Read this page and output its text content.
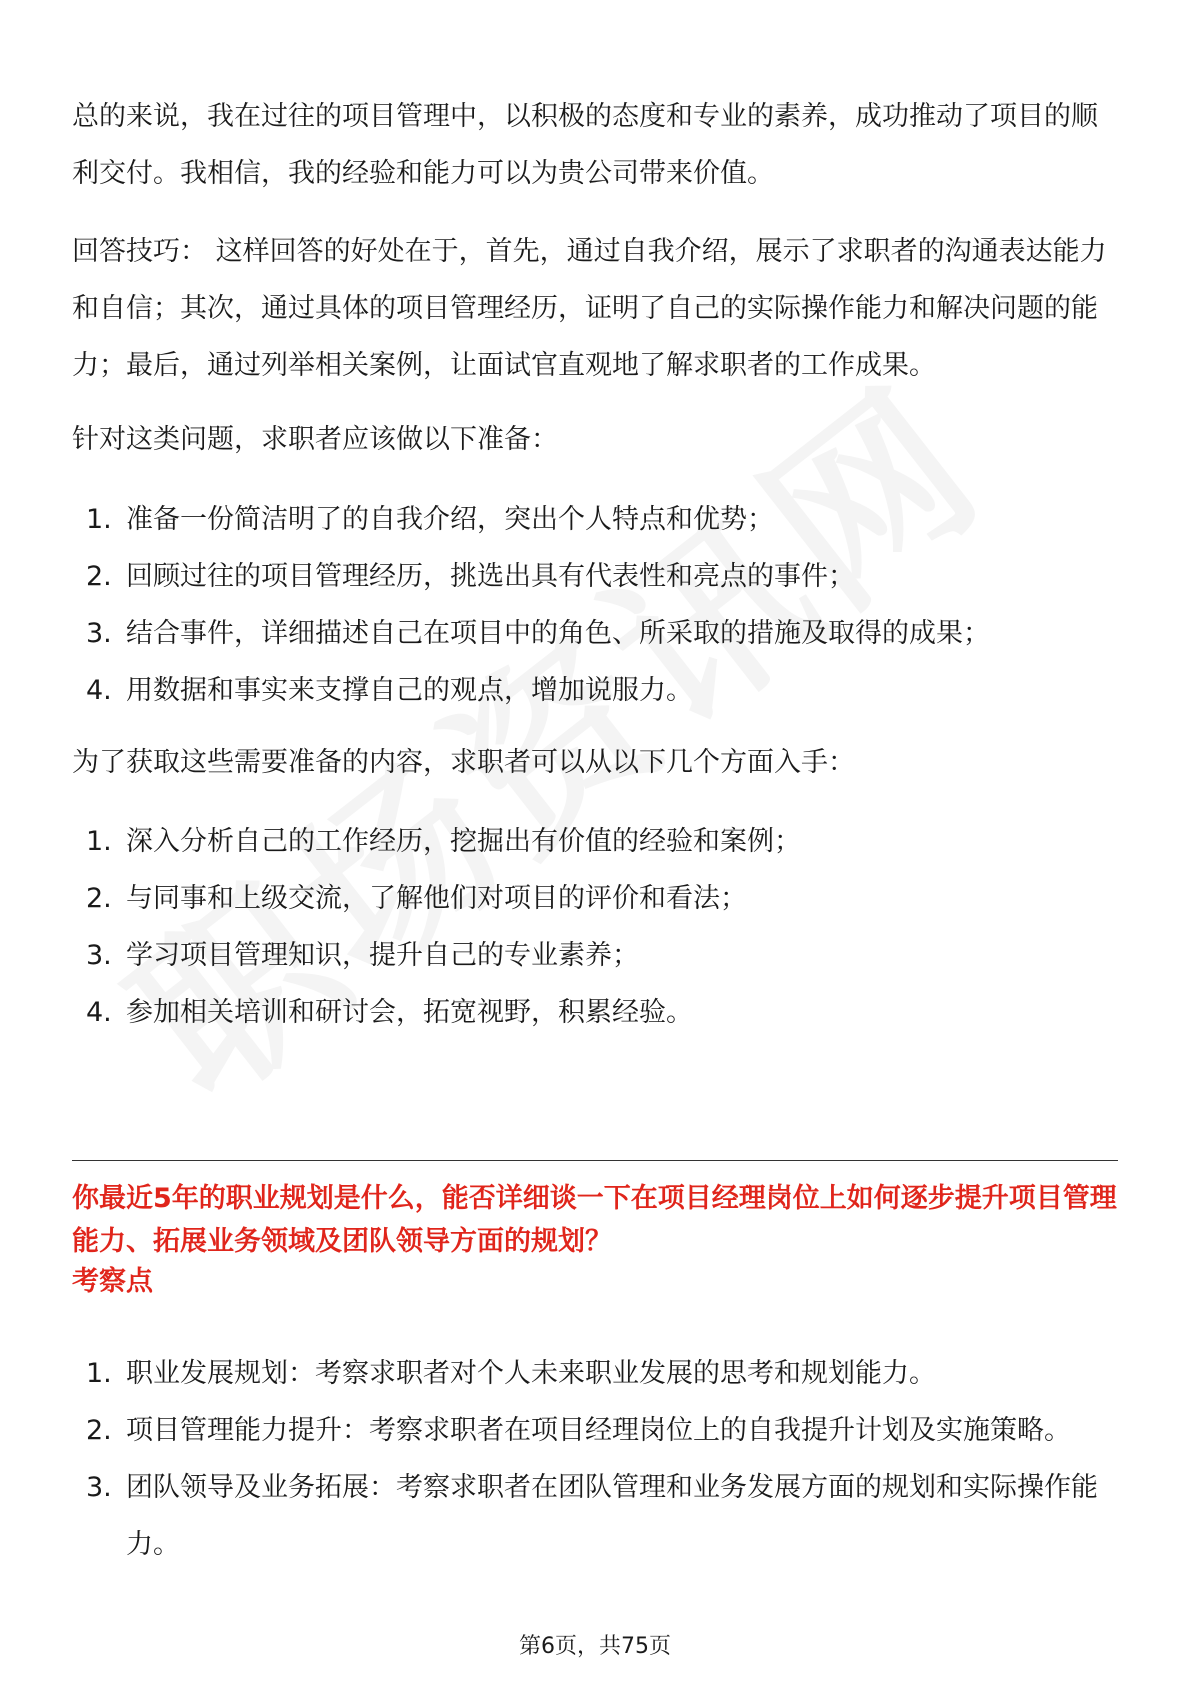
总的来说，我在过往的项目管理中，以积极的态度和专业的素养，成功推动了项目的顺利交付。我相信，我的经验和能力可以为贵公司带来价值。

回答技巧： 这样回答的好处在于，首先，通过自我介绍，展示了求职者的沟通表达能力和自信；其次，通过具体的项目管理经历，证明了自己的实际操作能力和解决问题的能力；最后，通过列举相关案例，让面试官直观地了解求职者的工作成果。

针对这类问题，求职者应该做以下准备：

1. 准备一份简洁明了的自我介绍，突出个人特点和优势；
2. 回顾过往的项目管理经历，挑选出具有代表性和亮点的事件；
3. 结合事件，详细描述自己在项目中的角色、所采取的措施及取得的成果；
4. 用数据和事实来支撑自己的观点，增加说服力。

为了获取这些需要准备的内容，求职者可以从以下几个方面入手：

1. 深入分析自己的工作经历，挖掘出有价值的经验和案例；
2. 与同事和上级交流，了解他们对项目的评价和看法；
3. 学习项目管理知识，提升自己的专业素养；
4. 参加相关培训和研讨会，拓宽视野，积累经验。
你最近5年的职业规划是什么，能否详细谈一下在项目经理岗位上如何逐步提升项目管理能力、拓展业务领域及团队领导方面的规划？
考察点
1. 职业发展规划：考察求职者对个人未来职业发展的思考和规划能力。
2. 项目管理能力提升：考察求职者在项目经理岗位上的自我提升计划及实施策略。
3. 团队领导及业务拓展：考察求职者在团队管理和业务发展方面的规划和实际操作能力。
第6页，共75页
